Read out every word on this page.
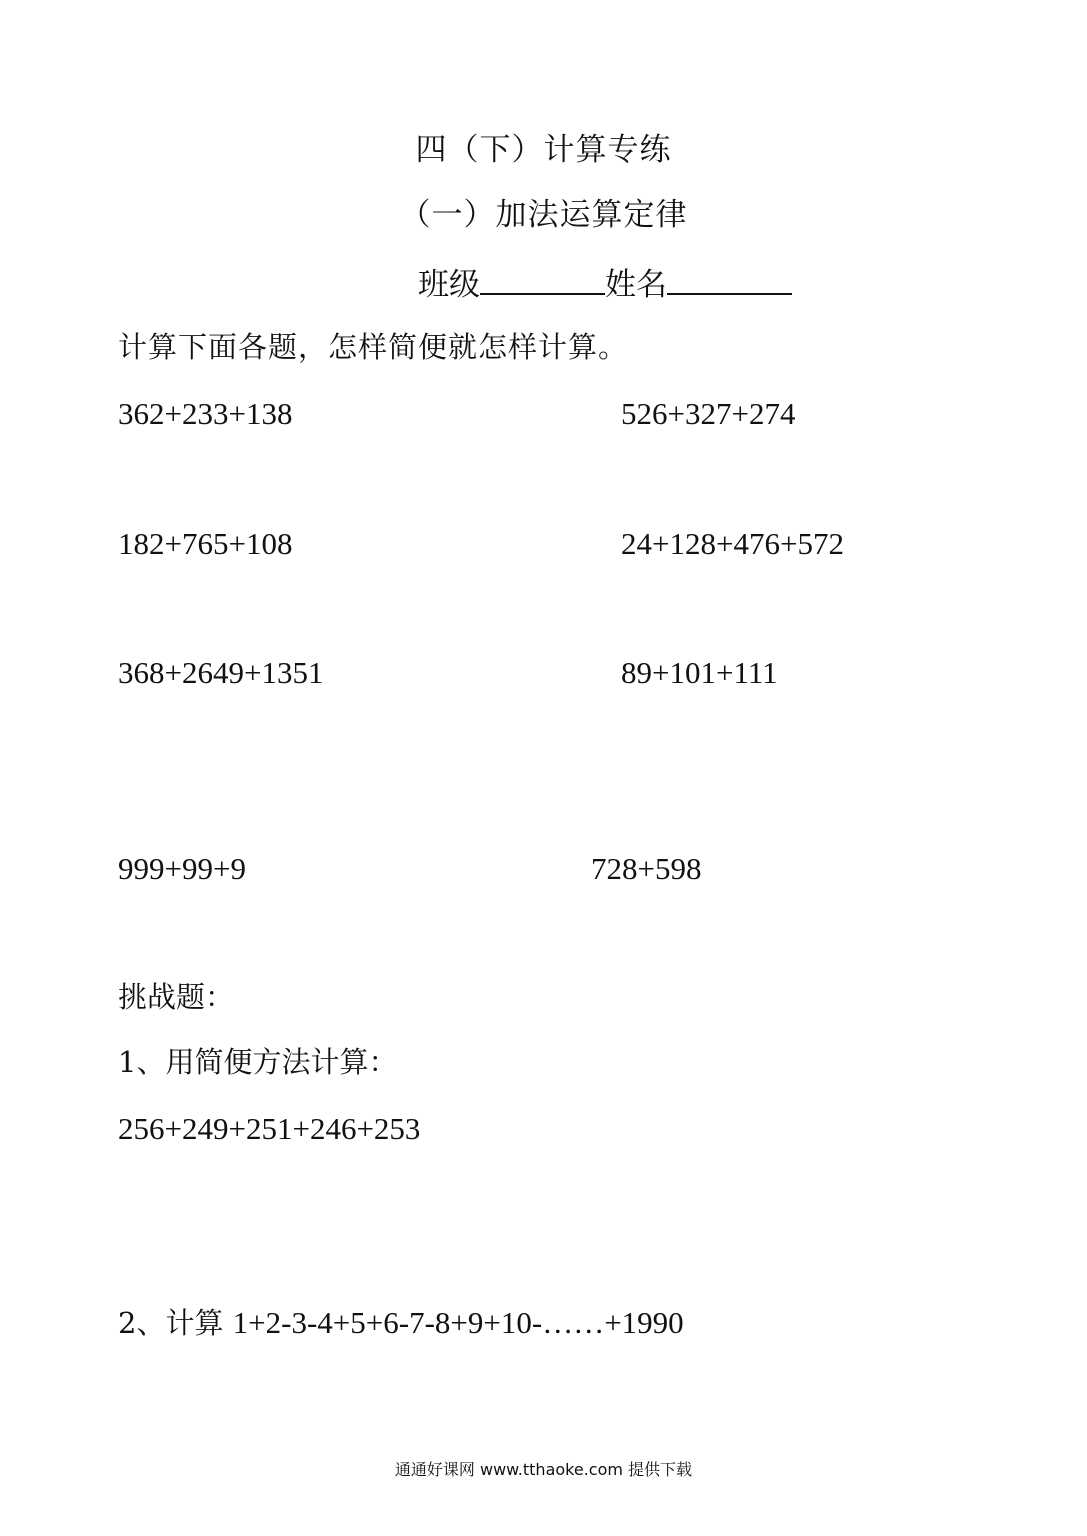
四（下）计算专练
（一）加法运算定律
班级	姓名
计算下面各题，怎样简便就怎样计算。
362+233+138	526+327+274
182+765+108	24+128+476+572
368+2649+1351	89+101+111
999+99+9	728+598
挑战题：
1、用简便方法计算：
256+249+251+246+253
2、计算 1+2-3-4+5+6-7-8+9+10-……+1990
通通好课网 www.tthaoke.com 提供下载
